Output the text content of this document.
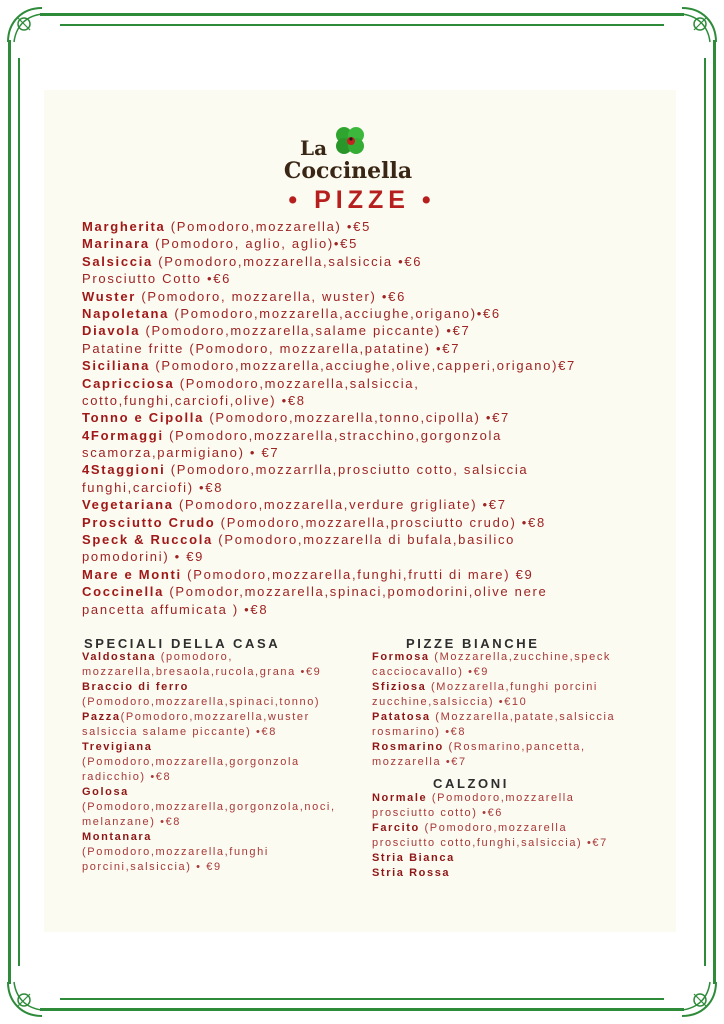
La
Coccinella
• PIZZE •
Margherita (Pomodoro,mozzarella) •€5
Marinara (Pomodoro, aglio, aglio)•€5
Salsiccia (Pomodoro,mozzarella,salsiccia •€6
Prosciutto Cotto •€6
Wuster (Pomodoro, mozzarella, wuster) •€6
Napoletana (Pomodoro,mozzarella,acciughe,origano)•€6
Diavola (Pomodoro,mozzarella,salame piccante) •€7
Patatine fritte (Pomodoro, mozzarella,patatine) •€7
Siciliana (Pomodoro,mozzarella,acciughe,olive,capperi,origano)€7
Capricciosa (Pomodoro,mozzarella,salsiccia,
cotto,funghi,carciofi,olive) •€8
Tonno e Cipolla (Pomodoro,mozzarella,tonno,cipolla) •€7
4Formaggi (Pomodoro,mozzarella,stracchino,gorgonzola
scamorza,parmigiano) • €7
4Staggioni (Pomodoro,mozzarrlla,prosciutto cotto, salsiccia
funghi,carciofi) •€8
Vegetariana (Pomodoro,mozzarella,verdure grigliate) •€7
Prosciutto Crudo (Pomodoro,mozzarella,prosciutto crudo) •€8
Speck & Ruccola (Pomodoro,mozzarella di bufala,basilico
pomodorini) • €9
Mare e Monti (Pomodoro,mozzarella,funghi,frutti di mare) €9
Coccinella (Pomodor,mozzarella,spinaci,pomodorini,olive nere
pancetta affumicata ) •€8
SPECIALI DELLA CASA
Valdostana (pomodoro,
mozzarella,bresaola,rucola,grana •€9
Braccio di ferro
(Pomodoro,mozzarella,spinaci,tonno)
Pazza(Pomodoro,mozzarella,wuster
salsiccia salame piccante) •€8
Trevigiana
(Pomodoro,mozzarella,gorgonzola
radicchio) •€8
Golosa
(Pomodoro,mozzarella,gorgonzola,noci,
melanzane) •€8
Montanara
(Pomodoro,mozzarella,funghi
porcini,salsiccia) • €9
PIZZE BIANCHE
Formosa (Mozzarella,zucchine,speck
cacciocavallo) •€9
Sfiziosa (Mozzarella,funghi porcini
zucchine,salsiccia) •€10
Patatosa (Mozzarella,patate,salsiccia
rosmarino) •€8
Rosmarino (Rosmarino,pancetta,
mozzarella •€7
CALZONI
Normale (Pomodoro,mozzarella
prosciutto cotto) •€6
Farcito (Pomodoro,mozzarella
prosciutto cotto,funghi,salsiccia) •€7
Stria Bianca
Stria Rossa
